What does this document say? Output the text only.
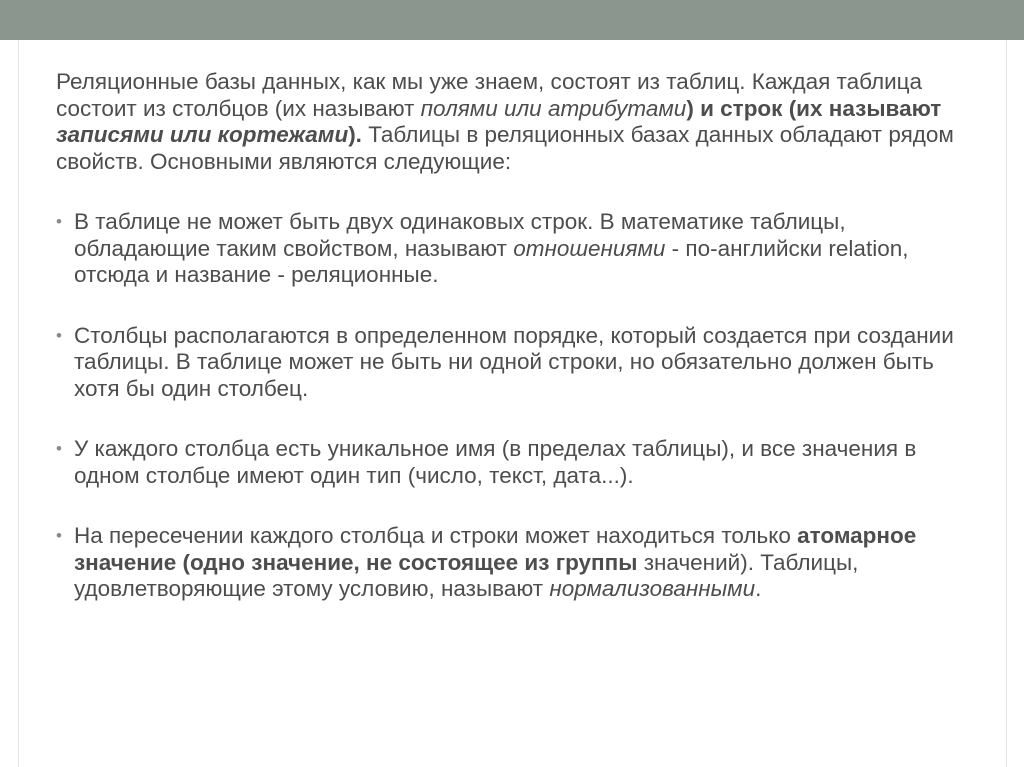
Реляционные базы данных, как мы уже знаем, состоят из таблиц. Каждая таблица состоит из столбцов (их называют полями или атрибутами) и строк (их называют записями или кортежами). Таблицы в реляционных базах данных обладают рядом свойств. Основными являются следующие:

• В таблице не может быть двух одинаковых строк. В математике таблицы, обладающие таким свойством, называют отношениями - по-английски relation, отсюда и название - реляционные.
• Столбцы располагаются в определенном порядке, который создается при создании таблицы. В таблице может не быть ни одной строки, но обязательно должен быть хотя бы один столбец.
• У каждого столбца есть уникальное имя (в пределах таблицы), и все значения в одном столбце имеют один тип (число, текст, дата...).
• На пересечении каждого столбца и строки может находиться только атомарное значение (одно значение, не состоящее из группы значений). Таблицы, удовлетворяющие этому условию, называют нормализованными.
